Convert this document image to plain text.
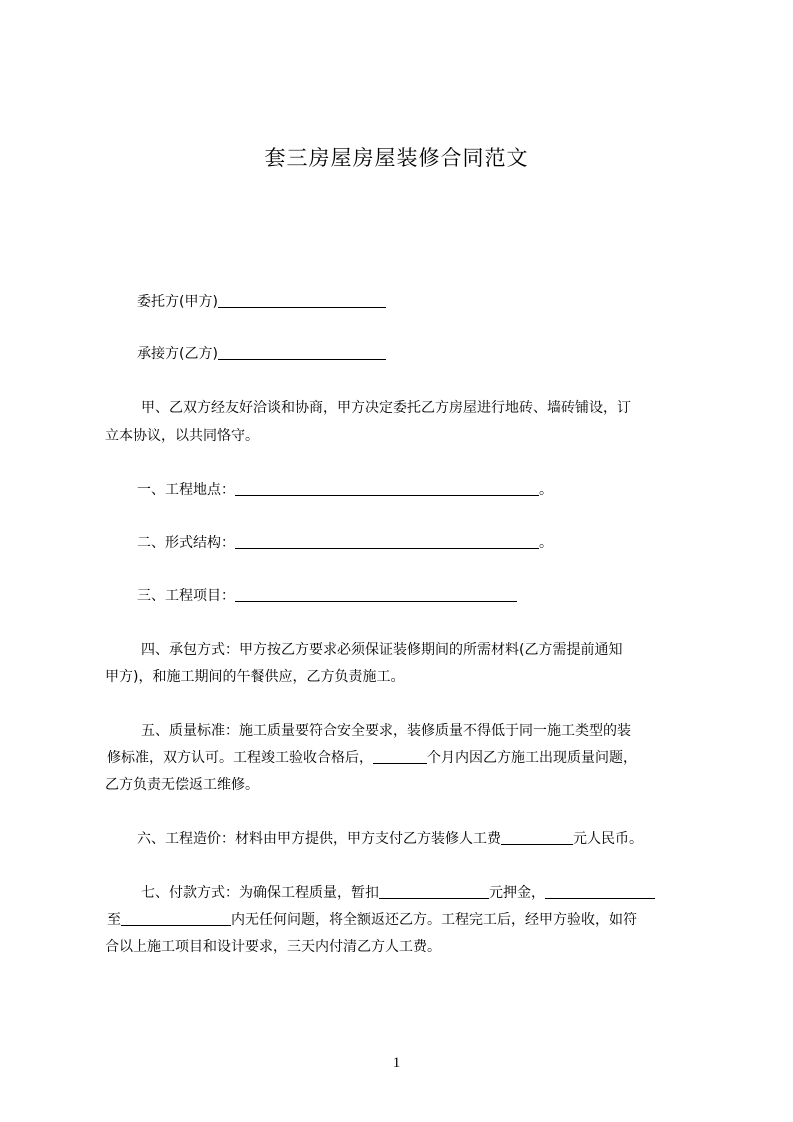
套三房屋房屋装修合同范文
委托方(甲方)
承接方(乙方)
甲、乙双方经友好洽谈和协商，甲方决定委托乙方房屋进行地砖、墙砖铺设，订
立本协议，以共同恪守。
一、工程地点：	。
二、形式结构：	。
三、工程项目：
四、承包方式：甲方按乙方要求必须保证装修期间的所需材料(乙方需提前通知
甲方)，和施工期间的午餐供应，乙方负责施工。
五、质量标准：施工质量要符合安全要求，装修质量不得低于同一施工类型的装
修标准，双方认可。工程竣工验收合格后，	个月内因乙方施工出现质量问题，
乙方负责无偿返工维修。
六、工程造价：材料由甲方提供，甲方支付乙方装修人工费	元人民币。
七、付款方式：为确保工程质量，暂扣	元押金，
至	内无任何问题，将全额返还乙方。工程完工后，经甲方验收，如符
合以上施工项目和设计要求，三天内付清乙方人工费。
1
